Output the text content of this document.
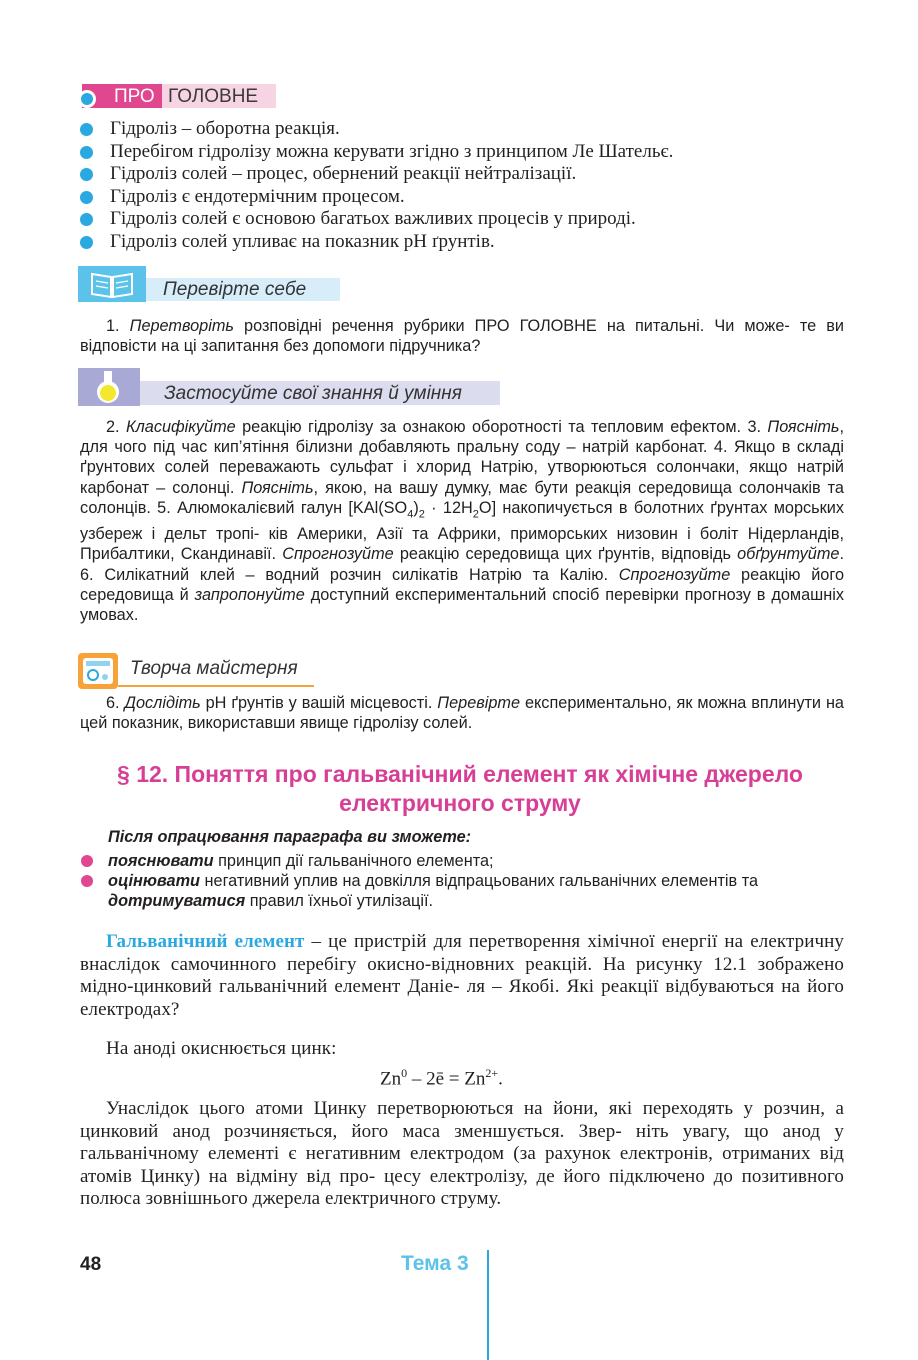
ПРО ГОЛОВНЕ
Гідроліз – оборотна реакція.
Перебігом гідролізу можна керувати згідно з принципом Ле Шательє.
Гідроліз солей – процес, обернений реакції нейтралізації.
Гідроліз є ендотермічним процесом.
Гідроліз солей є основою багатьох важливих процесів у природі.
Гідроліз солей упливає на показник pH ґрунтів.
Перевірте себе

1. Перетворіть розповідні речення рубрики ПРО ГОЛОВНЕ на питальні. Чи може- те ви відповісти на ці запитання без допомоги підручника?

Застосуйте свої знання й уміння

2. Класифікуйте реакцію гідролізу за ознакою оборотності та тепловим ефектом. 3. Поясніть, для чого під час кип’ятіння білизни добавляють пральну соду – натрій карбонат. 4. Якщо в складі ґрунтових солей переважають сульфат і хлорид Натрію, утворюються солончаки, якщо натрій карбонат – солонці. Поясніть, якою, на вашу думку, має бути реакція середовища солончаків та солонців. 5. Алюмокалієвий галун $[KAl(SO_4)_2 \cdot 12H_2O]$ накопичується в болотних ґрунтах морських узбереж і дельт тропі- ків Америки, Азії та Африки, приморських низовин і боліт Нідерландів, Прибалтики, Скандинавії. Спрогнозуйте реакцію середовища цих ґрунтів, відповідь обґрунтуйте. 6. Силікатний клей – водний розчин силікатів Натрію та Калію. Спрогнозуйте реакцію його середовища й запропонуйте доступний експериментальний спосіб перевірки прогнозу в домашніх умовах.

Творча майстерня

6. Дослідіть pH ґрунтів у вашій місцевості. Перевірте експериментально, як можна вплинути на цей показник, використавши явище гідролізу солей.

§ 12. Поняття про гальванічний елемент як хімічне джерело
електричного струму
Після опрацювання параграфа ви зможете:
пояснювати принцип дії гальванічного елемента;
оцінювати негативний уплив на довкілля відпрацьованих гальванічних елементів та дотримуватися правил їхньої утилізації.

Гальванічний елемент – це пристрій для перетворення хімічної енергії на електричну внаслідок самочинного перебігу окисно-відновних реакцій. На рисунку 12.1 зображено мідно-цинковий гальванічний елемент Даніе- ля – Якобі. Які реакції відбуваються на його електродах?

На аноді окиснюється цинк:
Zn$^0$ – 2ē = $Zn^{2+}$.

Унаслідок цього атоми Цинку перетворюються на йони, які переходять у розчин, а цинковий анод розчиняється, його маса зменшується. Звер- ніть увагу, що анод у гальванічному елементі є негативним електродом (за рахунок електронів, отриманих від атомів Цинку) на відміну від про- цесу електролізу, де його підключено до позитивного полюса зовнішнього джерела електричного струму.

48	Тема 3
